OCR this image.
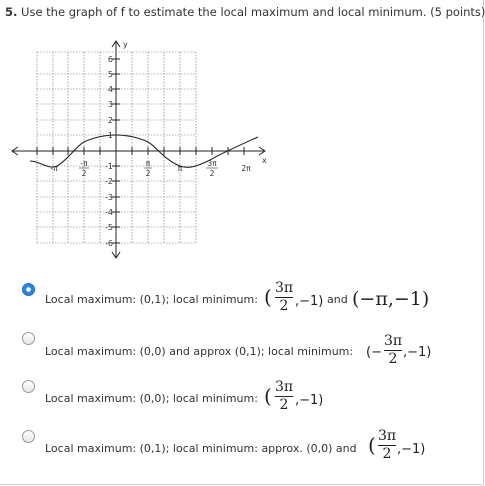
5. Use the graph of f to estimate the local maximum and local minimum. (5 points)
y
x
6
5
4
3
2
1
-1
-2
-3
-4
-5
-6
-π
-π
2
π
2
π
3π
2
2π
Local maximum: (0,1); local minimum: ( $\frac{3\pi}{2} ,-1$) and (−π,−1)
Local maximum: (0,0) and approx (0,1); local minimum: (− $\frac{3\pi}{2} ,-1$)
Local maximum: (0,0); local minimum: ( $\frac{3\pi}{2} ,-1$)
Local maximum: (0,1); local minimum: approx. (0,0) and ( $\frac{3\pi}{2} ,-1$)
